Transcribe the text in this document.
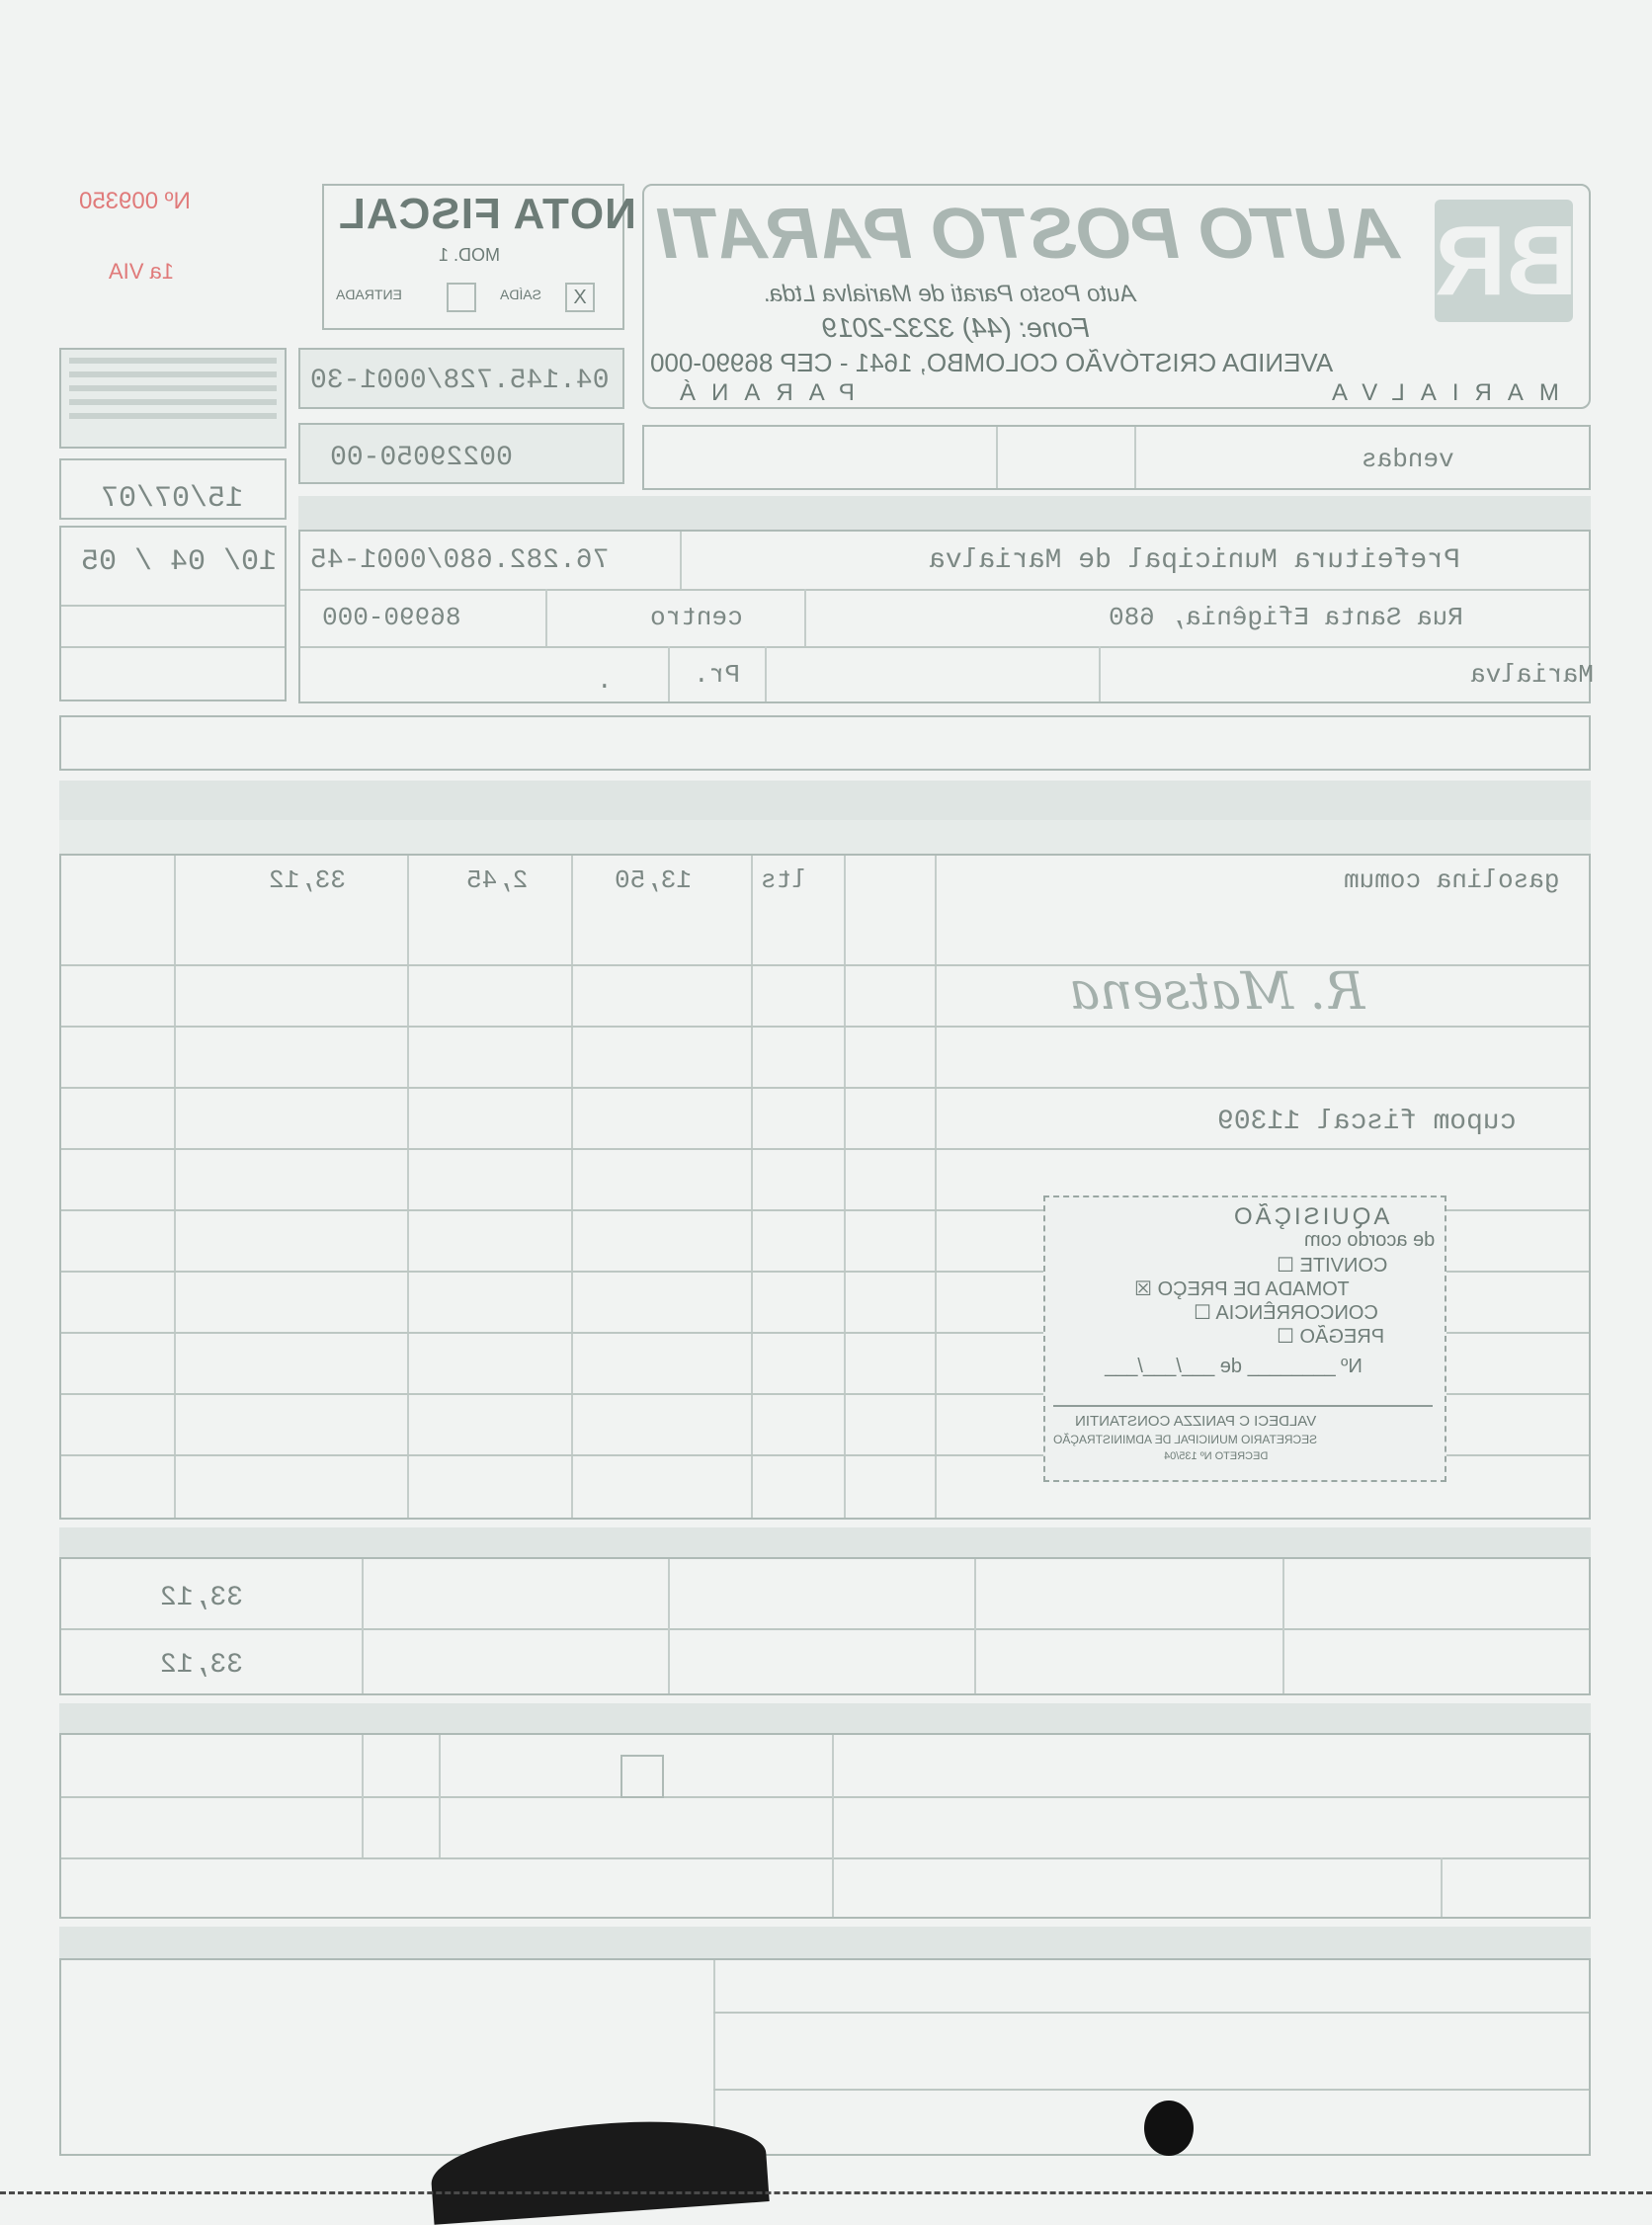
Nº 009350
1a VIA
15/07/07
10/ 04 / 05
NOTA FISCAL
MOD. 1
ENTRADA	SAÍDA	X
04.145.728/0001-30
00229050-00
BR
AUTO POSTO PARATI
Auto Posto Parati de Marialva Ltda.
Fone: (44) 3232-2019
AVENIDA CRISTÓVÃO COLOMBO, 1641 - CEP 86990-000
PARANÁ	MARIALVA
vendas
76.282.680/0001-45	Prefeitura Municipal de Marialva
86990-000	centro	Rua Santa Efigênia, 680
.	Pr.	Marialva
33,12	2,45	13,50	lts	gasolina comum
R. Matsena
cupom fiscal 11309
AQUISIÇÃO
de acordo com
CONVITE ☐
TOMADA DE PREÇO ☒
CONCORRÊNCIA ☐
PREGÃO ☐
Nº ________ de ___/___/___
VALDECI C PANIZZA CONSTANTIN
SECRETARIO MUNICIPAL DE ADMINISTRAÇÃO
DECRETO Nº 135/04
33,12
33,12
